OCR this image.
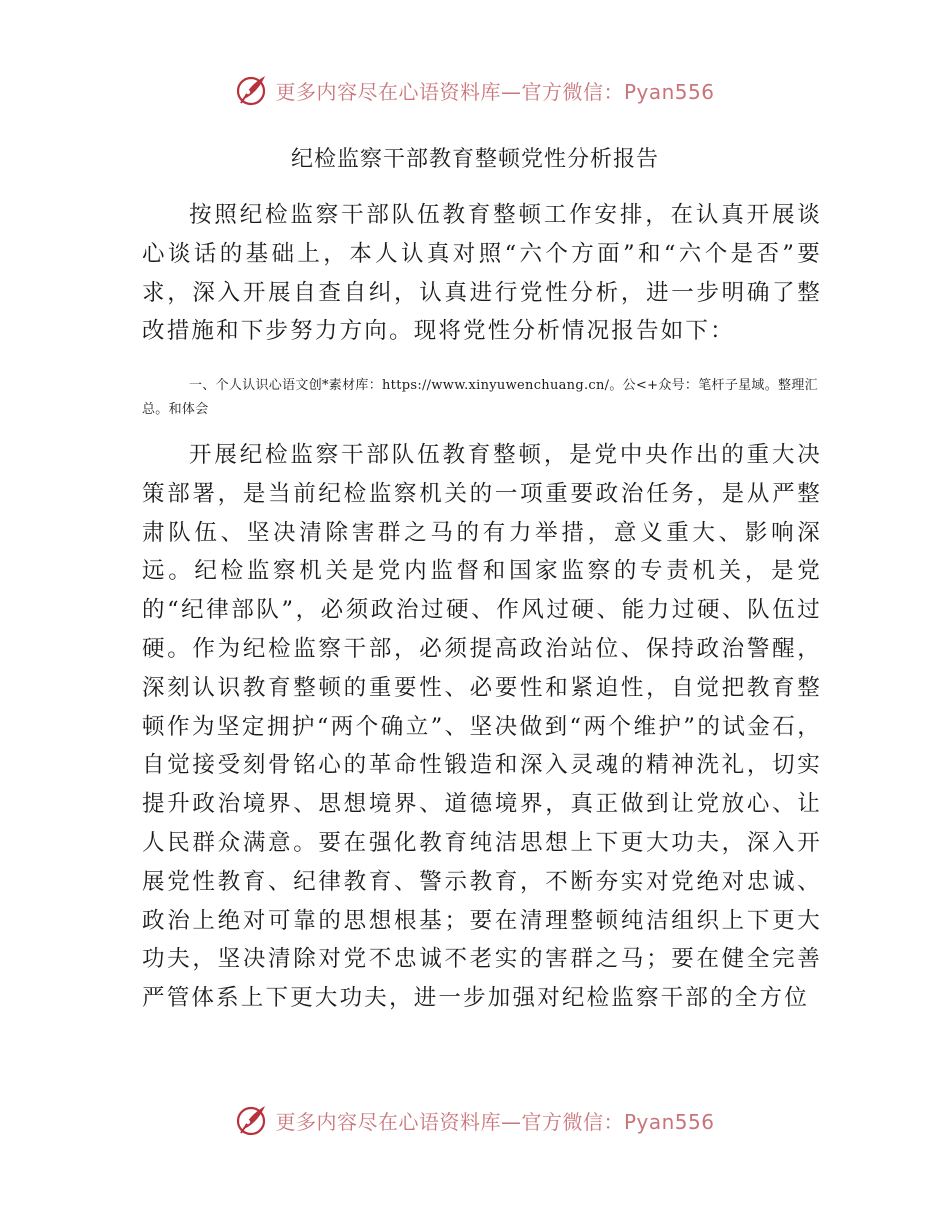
更多内容尽在心语资料库—官方微信：Pyan556
纪检监察干部教育整顿党性分析报告

按照纪检监察干部队伍教育整顿工作安排，在认真开展谈心谈话的基础上，本人认真对照“六个方面”和“六个是否”要求，深入开展自查自纠，认真进行党性分析，进一步明确了整改措施和下步努力方向。现将党性分析情况报告如下：

一、个人认识心语文创*素材库：https://www.xinyuwenchuang.cn/。公<+众号：笔杆子星域。整理汇总。和体会

开展纪检监察干部队伍教育整顿，是党中央作出的重大决策部署，是当前纪检监察机关的一项重要政治任务，是从严整肃队伍、坚决清除害群之马的有力举措，意义重大、影响深远。纪检监察机关是党内监督和国家监察的专责机关，是党的“纪律部队”，必须政治过硬、作风过硬、能力过硬、队伍过硬。作为纪检监察干部，必须提高政治站位、保持政治警醒，深刻认识教育整顿的重要性、必要性和紧迫性，自觉把教育整顿作为坚定拥护“两个确立”、坚决做到“两个维护”的试金石，自觉接受刻骨铭心的革命性锻造和深入灵魂的精神洗礼，切实提升政治境界、思想境界、道德境界，真正做到让党放心、让人民群众满意。要在强化教育纯洁思想上下更大功夫，深入开展党性教育、纪律教育、警示教育，不断夯实对党绝对忠诚、政治上绝对可靠的思想根基；要在清理整顿纯洁组织上下更大功夫，坚决清除对党不忠诚不老实的害群之马；要在健全完善严管体系上下更大功夫，进一步加强对纪检监察干部的全方位

更多内容尽在心语资料库—官方微信：Pyan556
